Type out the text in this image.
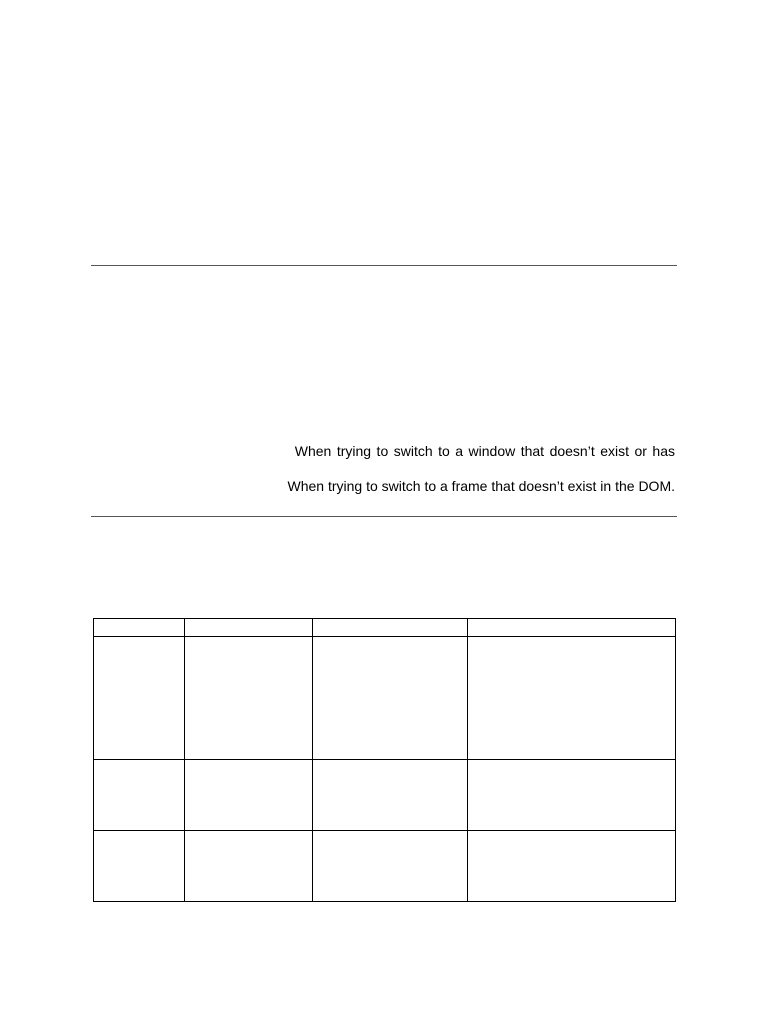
When trying to switch to a window that doesn’t exist or has
When trying to switch to a frame that doesn’t exist in the DOM.
